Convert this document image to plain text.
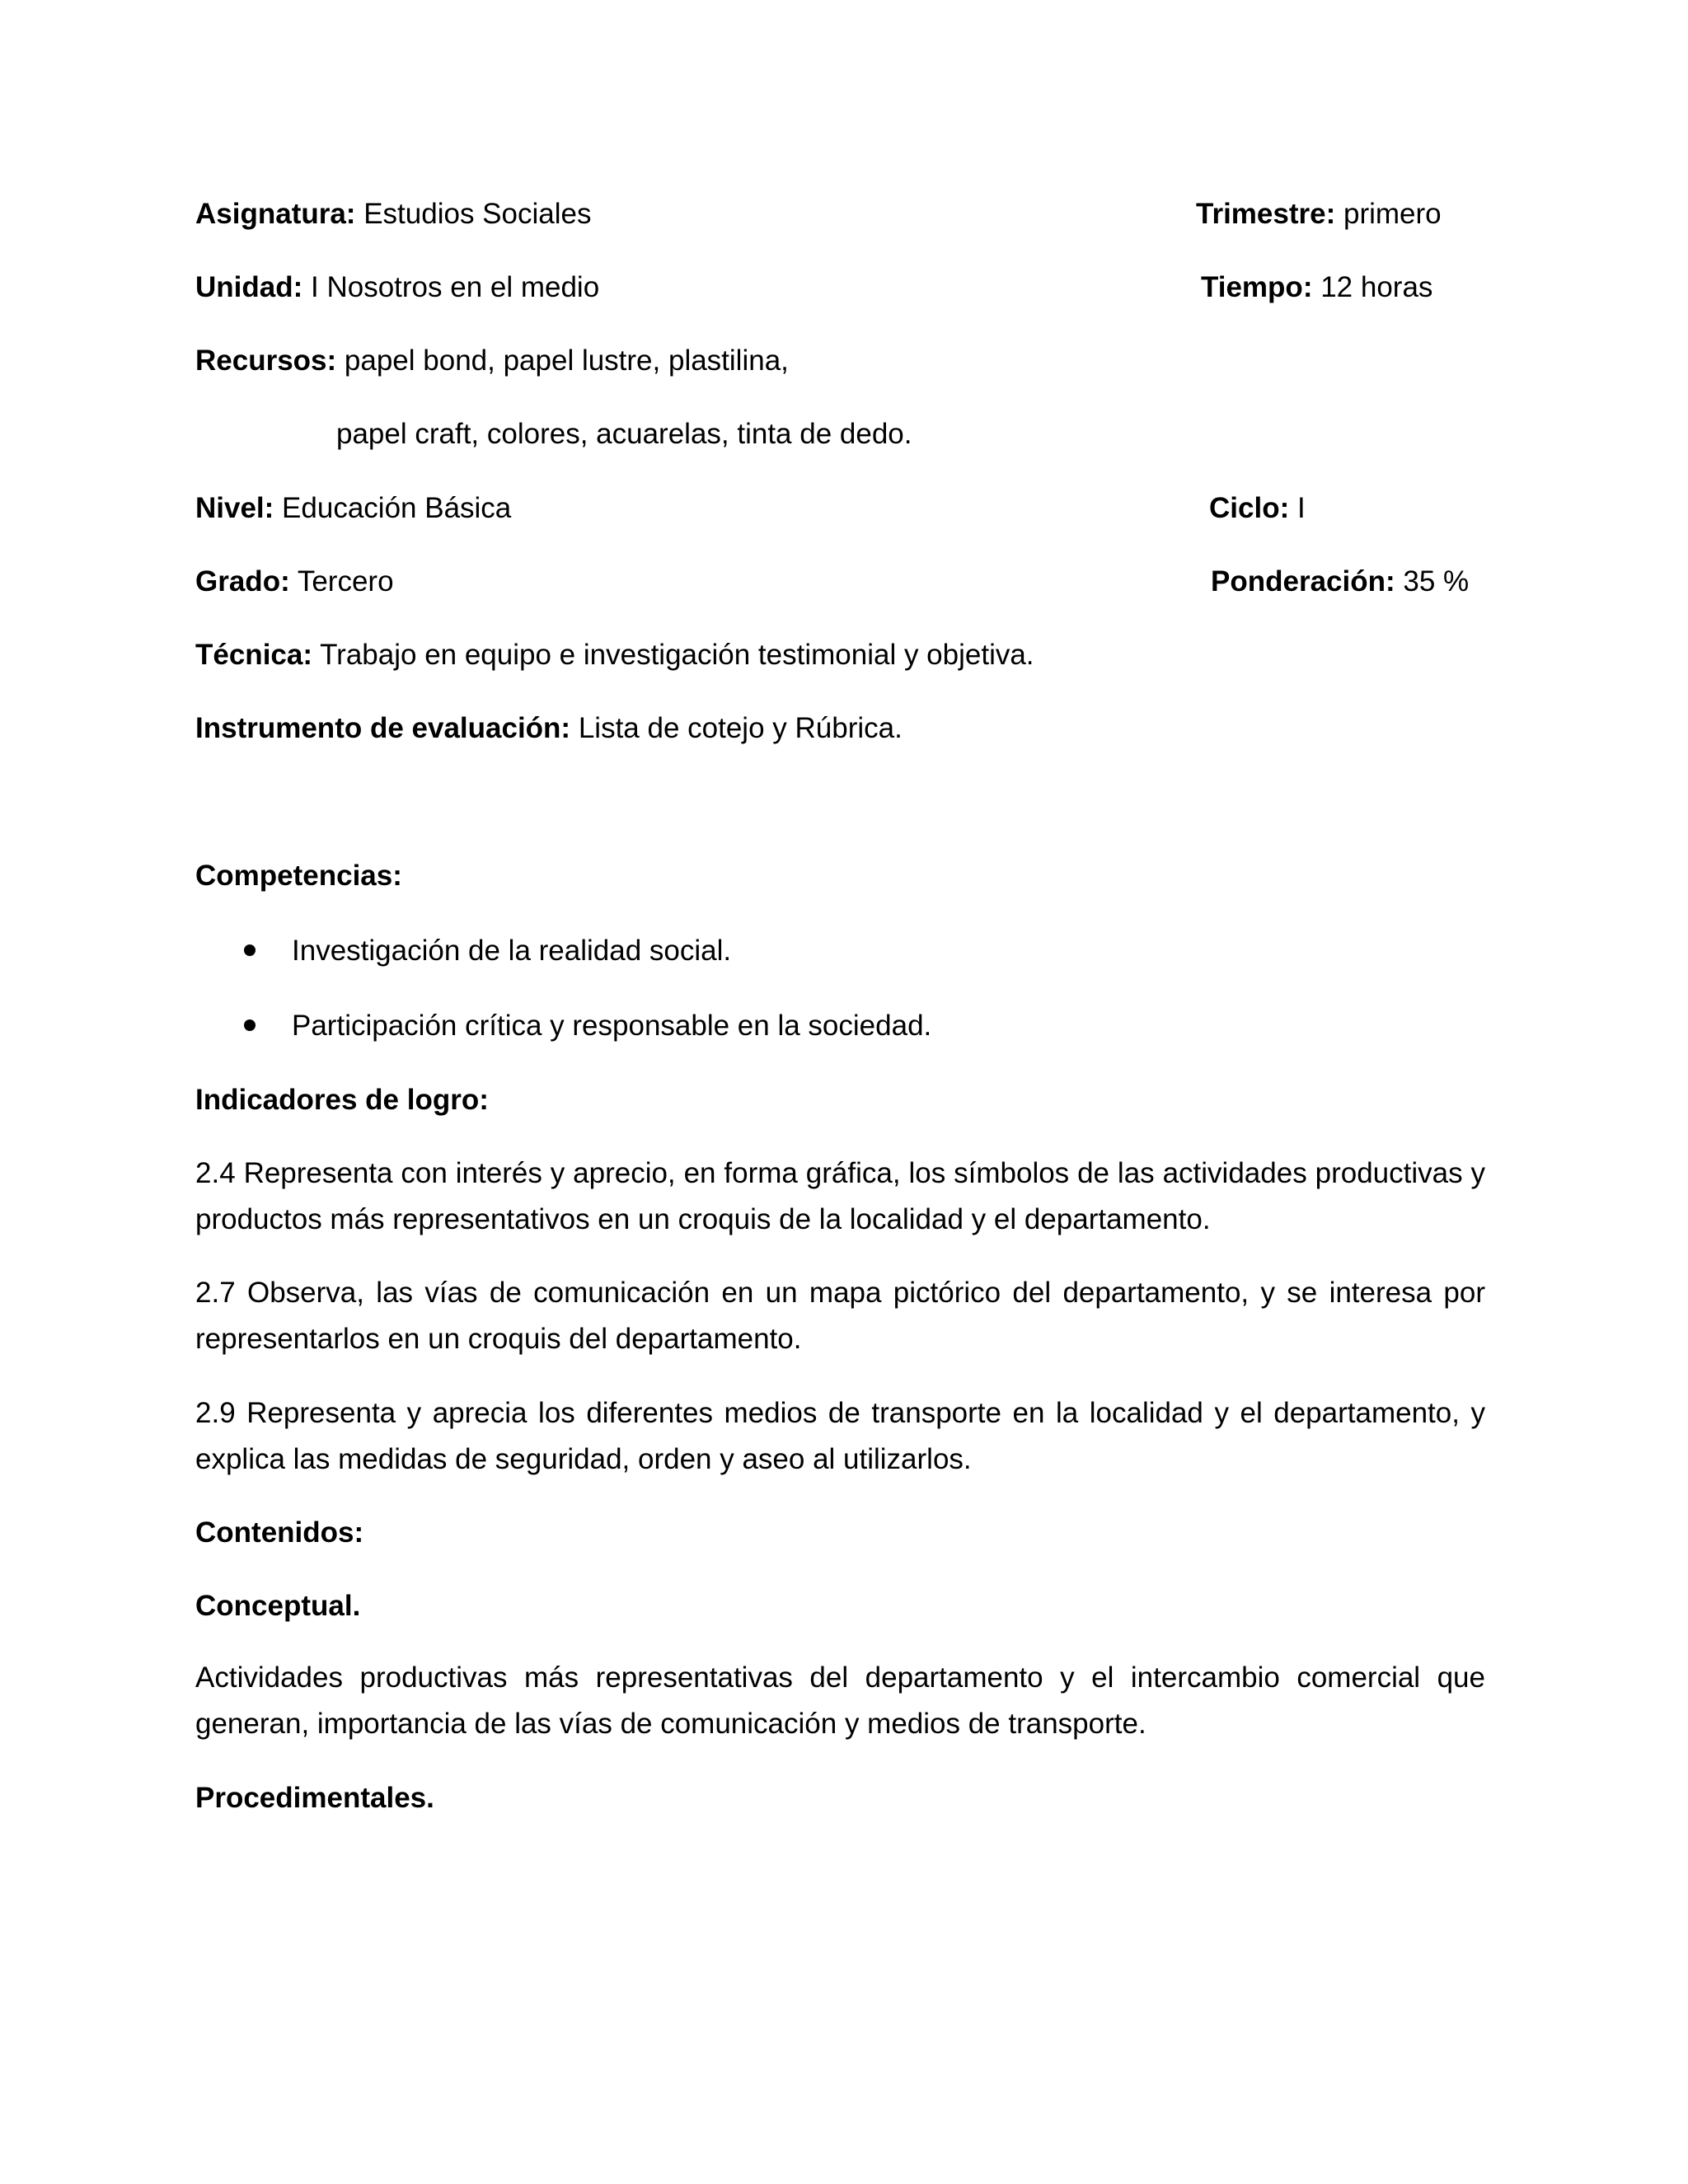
Asignatura: Estudios Sociales	Trimestre: primero
Unidad: I Nosotros en el medio	Tiempo: 12 horas
Recursos: papel bond, papel lustre, plastilina,
papel craft, colores, acuarelas, tinta de dedo.
Nivel: Educación Básica	Ciclo: I
Grado: Tercero	Ponderación: 35 %
Técnica: Trabajo en equipo e investigación testimonial y objetiva.
Instrumento de evaluación: Lista de cotejo y Rúbrica.
Competencias:
Investigación de la realidad social.
Participación crítica y responsable en la sociedad.
Indicadores de logro:
2.4 Representa con interés y aprecio, en forma gráfica, los símbolos de las actividades productivas y productos más representativos en un croquis de la localidad y el departamento.
2.7 Observa, las vías de comunicación en un mapa pictórico del departamento, y se interesa por representarlos en un croquis del departamento.
2.9 Representa y aprecia los diferentes medios de transporte en la localidad y el departamento, y explica las medidas de seguridad, orden y aseo al utilizarlos.
Contenidos:
Conceptual.
Actividades productivas más representativas del departamento y el intercambio comercial que generan, importancia de las vías de comunicación y medios de transporte.
Procedimentales.
